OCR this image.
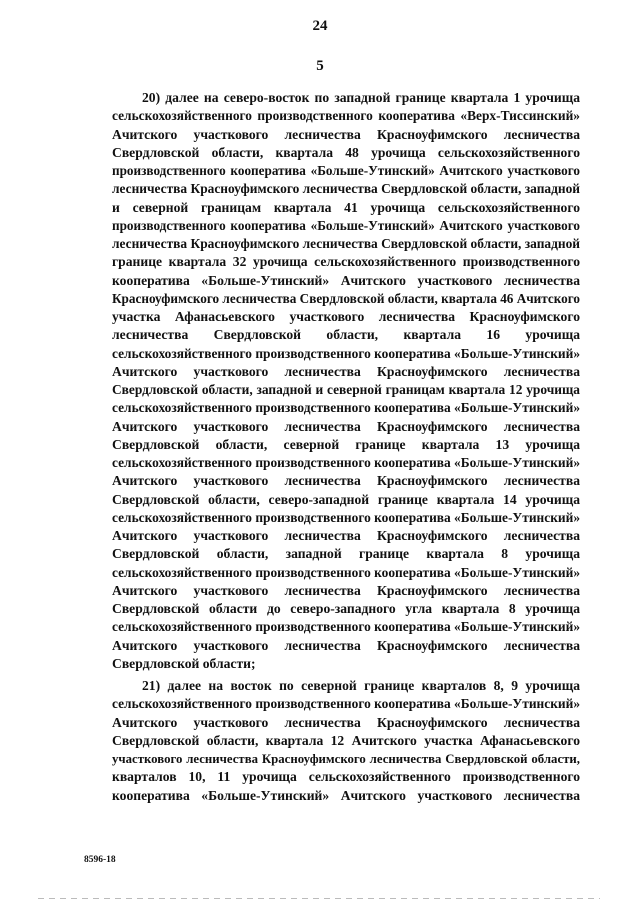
24
5
20) далее на северо-восток по западной границе квартала 1 урочища
сельскохозяйственного производственного кооператива «Верх-Тиссинский»
Ачитского участкового лесничества Красноуфимского лесничества
Свердловской области, квартала 48 урочища сельскохозяйственного
производственного кооператива «Больше-Утинский» Ачитского участкового
лесничества Красноуфимского лесничества Свердловской области, западной
и северной границам квартала 41 урочища сельскохозяйственного
производственного кооператива «Больше-Утинский» Ачитского участкового
лесничества Красноуфимского лесничества Свердловской области, западной
границе квартала 32 урочища сельскохозяйственного производственного
кооператива «Больше-Утинский» Ачитского участкового лесничества
Красноуфимского лесничества Свердловской области, квартала 46 Ачитского
участка Афанасьевского участкового лесничества Красноуфимского
лесничества Свердловской области, квартала 16 урочища
сельскохозяйственного производственного кооператива «Больше-Утинский»
Ачитского участкового лесничества Красноуфимского лесничества
Свердловской области, западной и северной границам квартала 12 урочища
сельскохозяйственного производственного кооператива «Больше-Утинский»
Ачитского участкового лесничества Красноуфимского лесничества
Свердловской области, северной границе квартала 13 урочища
сельскохозяйственного производственного кооператива «Больше-Утинский»
Ачитского участкового лесничества Красноуфимского лесничества
Свердловской области, северо-западной границе квартала 14 урочища
сельскохозяйственного производственного кооператива «Больше-Утинский»
Ачитского участкового лесничества Красноуфимского лесничества
Свердловской области, западной границе квартала 8 урочища
сельскохозяйственного производственного кооператива «Больше-Утинский»
Ачитского участкового лесничества Красноуфимского лесничества
Свердловской области до северо-западного угла квартала 8 урочища
сельскохозяйственного производственного кооператива «Больше-Утинский»
Ачитского участкового лесничества Красноуфимского лесничества
Свердловской области;
21) далее на восток по северной границе кварталов 8, 9 урочища
сельскохозяйственного производственного кооператива «Больше-Утинский»
Ачитского участкового лесничества Красноуфимского лесничества
Свердловской области, квартала 12 Ачитского участка Афанасьевского
участкового лесничества Красноуфимского лесничества Свердловской области,
кварталов 10, 11 урочища сельскохозяйственного производственного
кооператива «Больше-Утинский» Ачитского участкового лесничества
8596-18
